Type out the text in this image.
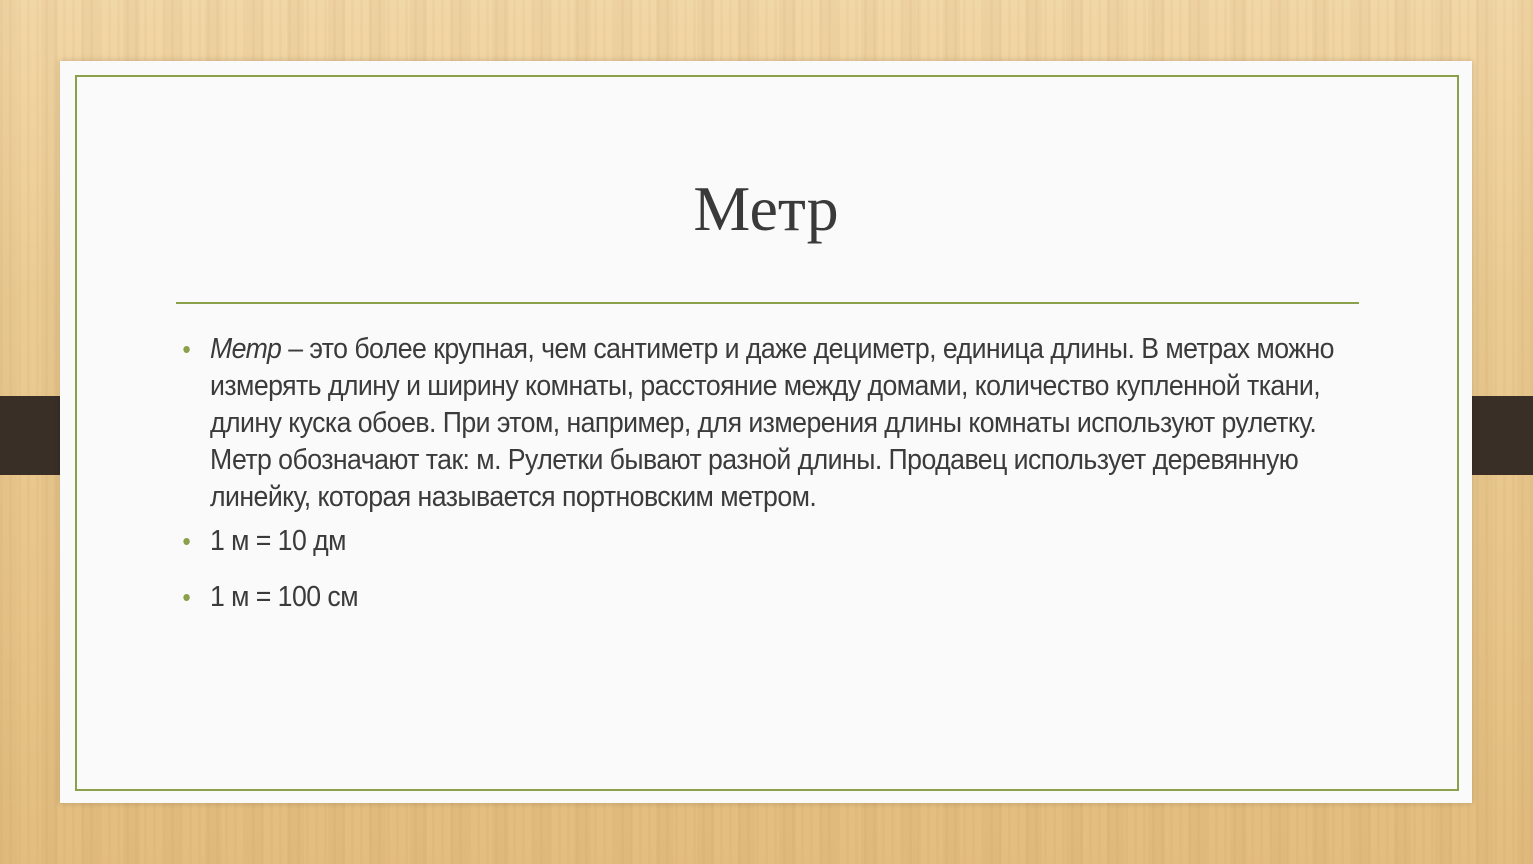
Метр
• Метр – это более крупная, чем сантиметр и даже дециметр, единица длины. В метрах можно измерять длину и ширину комнаты, расстояние между домами, количество купленной ткани, длину куска обоев. При этом, например, для измерения длины комнаты используют рулетку. Метр обозначают так: м. Рулетки бывают разной длины. Продавец использует деревянную линейку, которая называется портновским метром.
• 1 м = 10 дм
• 1 м = 100 см
